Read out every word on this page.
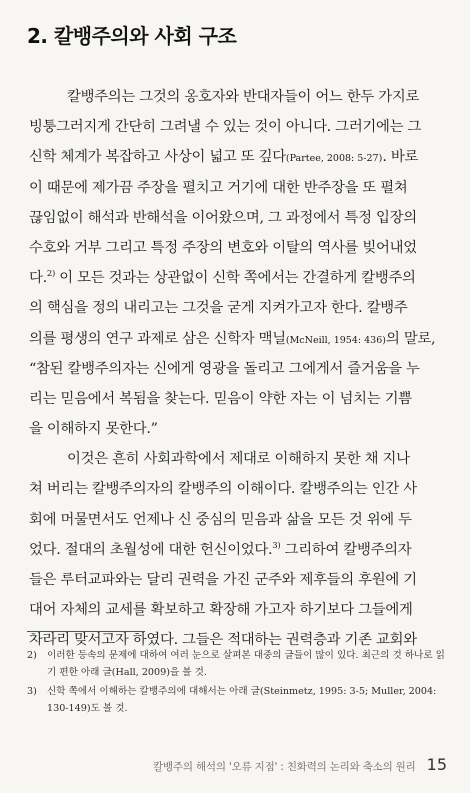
2. 칼뱅주의와 사회 구조
칼뱅주의는 그것의 옹호자와 반대자들이 어느 한두 가지로
빙퉁그러지게 간단히 그려낼 수 있는 것이 아니다. 그러기에는 그
신학 체계가 복잡하고 사상이 넓고 또 깊다(Partee, 2008: 5-27). 바로
이 때문에 제가끔 주장을 펼치고 거기에 대한 반주장을 또 펼쳐
끊임없이 해석과 반해석을 이어왔으며, 그 과정에서 특정 입장의
수호와 거부 그리고 특정 주장의 변호와 이탈의 역사를 빚어내었
다.$^{2)}$ 이 모든 것과는 상관없이 신학 쪽에서는 간결하게 칼뱅주의
의 핵심을 정의 내리고는 그것을 굳게 지켜가고자 한다. 칼뱅주
의를 평생의 연구 과제로 삼은 신학자 맥닐(McNeill, 1954: 436)의 말로,
“참된 칼뱅주의자는 신에게 영광을 돌리고 그에게서 즐거움을 누
리는 믿음에서 복됨을 찾는다. 믿음이 약한 자는 이 넘치는 기쁨
을 이해하지 못한다.”
이것은 흔히 사회과학에서 제대로 이해하지 못한 채 지나
쳐 버리는 칼뱅주의자의 칼뱅주의 이해이다. 칼뱅주의는 인간 사
회에 머물면서도 언제나 신 중심의 믿음과 삶을 모든 것 위에 두
었다. 절대의 초월성에 대한 헌신이었다.$^{3)}$ 그리하여 칼뱅주의자
들은 루터교파와는 달리 권력을 가진 군주와 제후들의 후원에 기
대어 자체의 교세를 확보하고 확장해 가고자 하기보다 그들에게
차라리 맞서고자 하였다. 그들은 적대하는 권력층과 기존 교회와
2)	이러한 등속의 문제에 대하여 여러 눈으로 살펴본 대중의 글들이 많이 있다. 최근의 것 하나로 읽기 편한 아래 글(Hall, 2009)을 볼 것.
3)	신학 쪽에서 이해하는 칼뱅주의에 대해서는 아래 글(Steinmetz, 1995: 3-5; Muller, 2004: 130-149)도 볼 것.
칼뱅주의 해석의 '오류 지점' : 친화력의 논리와 축소의 원리 15
